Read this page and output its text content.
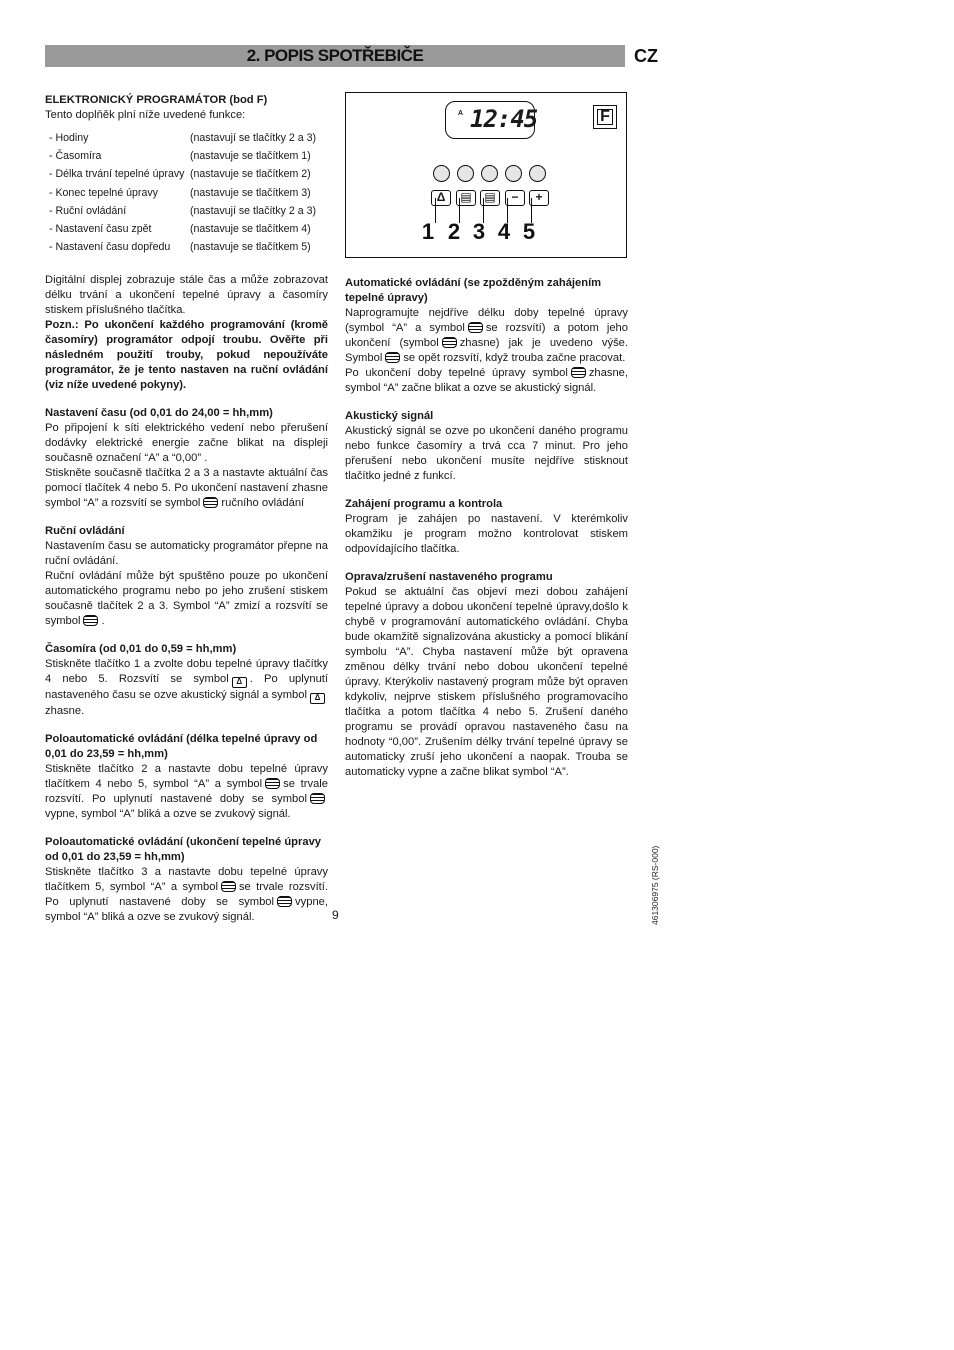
2. POPIS SPOTŘEBIČE	CZ
ELEKTRONICKÝ PROGRAMÁTOR (bod F)
Tento doplňěk plní níže uvedené funkce:
- Hodiny	(nastavují se tlačítky 2 a 3)
- Časomíra	(nastavuje se tlačítkem 1)
- Délka trvání tepelné úpravy (nastavuje se tlačítkem 2)
- Konec tepelné úpravy	(nastavuje se tlačítkem 3)
- Ruční ovládání	(nastavují se tlačítky 2 a 3)
- Nastavení času zpět	(nastavuje se tlačítkem 4)
- Nastavení času dopředu	(nastavuje se tlačítkem 5)

Digitální displej zobrazuje stále čas a může zobrazovat délku trvání a ukončení tepelné úpravy a časomíry stiskem příslušného tlačítka.

Pozn.: Po ukončení každého programování (kromě časomíry) programátor odpojí troubu. Ověřte při následném použití trouby, pokud nepoužíváte programátor, že je tento nastaven na ruční ovládání (viz níže uvedené pokyny).

Nastavení času (od 0,01 do 24,00 = hh,mm)

Po připojení k síti elektrického vedení nebo přerušení dodávky elektrické energie začne blikat na displeji současně označení “A” a “0,00” .

Stiskněte současně tlačítka 2 a 3 a nastavte aktuální čas pomocí tlačítek 4 nebo 5. Po ukončení nastavení zhasne symbol “A” a rozsvítí se symbol ručního ovládání

Ruční ovládání

Nastavením času se automaticky programátor přepne na ruční ovládání.

Ruční ovládání může být spuštěno pouze po ukončení automatického programu nebo po jeho zrušení stiskem současně tlačítek 2 a 3. Symbol “A” zmizí a rozsvítí se symbol .

Časomíra (od 0,01 do 0,59 = hh,mm)

Stiskněte tlačítko 1 a zvolte dobu tepelné úpravy tlačítky 4 nebo 5. Rozsvítí se symbolΔ . Po uplynutí nastaveného času se ozve akustický signál a symbolΔzhasne.

Poloautomatické ovládání (délka tepelné úpravy od 0,01 do 23,59 = hh,mm)

Stiskněte tlačítko 2 a nastavte dobu tepelné úpravy tlačítkem 4 nebo 5, symbol “A” a symbol se trvale rozsvítí. Po uplynutí nastavené doby se symbolvypne, symbol “A” bliká a ozve se zvukový signál.

Poloautomatické ovládání (ukončení tepelné úpravy od 0,01 do 23,59 = hh,mm)

Stiskněte tlačítko 3 a nastavte dobu tepelné úpravy tlačítkem 5, symbol “A” a symbol se trvale rozsvítí. Po uplynutí nastavené doby se symbol vypne, symbol “A” bliká a ozve se zvukový signál.

A 12:45	F
Δ	▤	▤	−	+
1 2 3 4 5
Automatické ovládání (se zpožděným zahájením tepelné úpravy)

Naprogramujte nejdříve délku doby tepelné úpravy (symbol “A” a symbol se rozsvítí) a potom jeho ukončení (symbol zhasne) jak je uvedeno výše. Symbol se opět rozsvítí, když trouba začne pracovat.

Po ukončení doby tepelné úpravy symbol zhasne, symbol “A” začne blikat a ozve se akustický signál.

Akustický signál

Akustický signál se ozve po ukončení daného programu nebo funkce časomíry a trvá cca 7 minut. Pro jeho přerušení nebo ukončení musíte nejdříve stisknout tlačítko jedné z funkcí.

Zahájení programu a kontrola

Program je zahájen po nastavení. V kterémkoliv okamžiku je program možno kontrolovat stiskem odpovídajícího tlačítka.

Oprava/zrušení nastaveného programu

Pokud se aktuální čas objeví mezi dobou zahájení tepelné úpravy a dobou ukončení tepelné úpravy,došlo k chybě v programování automatického ovládání. Chyba bude okamžitě signalizována akusticky a pomocí blikání symbolu “A”. Chyba nastavení může být opravena změnou délky trvání nebo dobou ukončení tepelné úpravy. Kterýkoliv nastavený program může být opraven kdykoliv, nejprve stiskem příslušného programovacího tlačítka a potom tlačítka 4 nebo 5. Zrušení daného programu se provádí opravou nastaveného času na hodnoty “0,00”. Zrušením délky trvání tepelné úpravy se automaticky zruší jeho ukončení a naopak. Trouba se automaticky vypne a začne blikat symbol “A”.

9	461306975 (RS-000)
